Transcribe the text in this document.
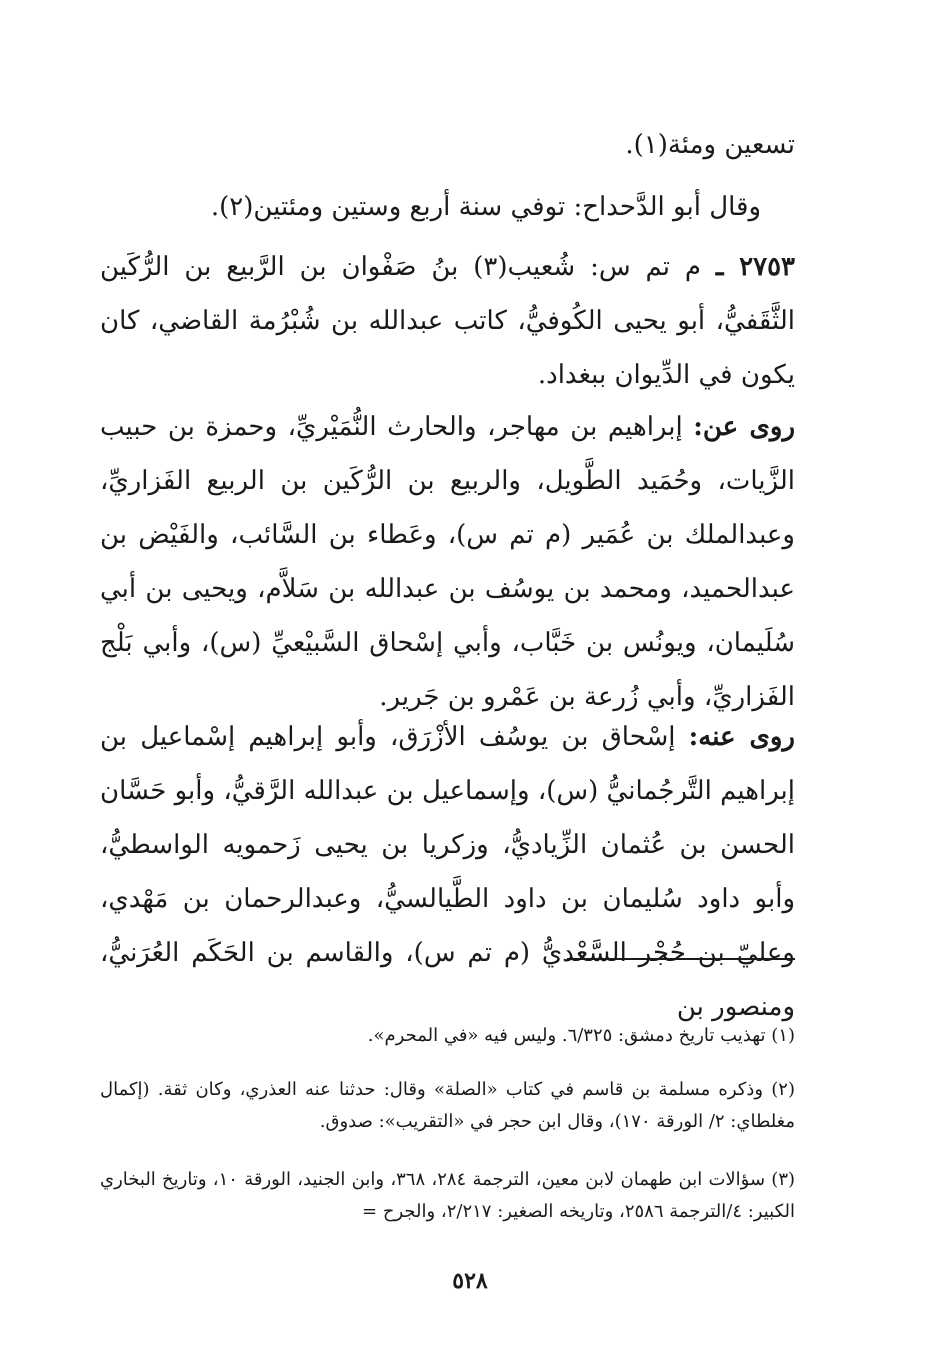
تسعين ومئة(١).
وقال أبو الدَّحداح: توفي سنة أربع وستين ومئتين(٢).
٢٧٥٣ ـ م تم س: شُعيب(٣) بنُ صَفْوان بن الرَّبيع بن الرُّكَين الثَّقَفيُّ، أبو يحيى الكُوفيُّ، كاتب عبدالله بن شُبْرُمة القاضي، كان يكون في الدِّيوان ببغداد.
روى عن: إبراهيم بن مهاجر، والحارث النُّمَيْريِّ، وحمزة بن حبيب الزَّيات، وحُمَيد الطَّويل، والربيع بن الرُّكَين بن الربيع الفَزاريِّ، وعبدالملك بن عُمَير (م تم س)، وعَطاء بن السَّائب، والفَيْض بن عبدالحميد، ومحمد بن يوسُف بن عبدالله بن سَلاَّم، ويحيى بن أبي سُلَيمان، ويونُس بن خَبَّاب، وأبي إسْحاق السَّبيْعيِّ (س)، وأبي بَلْج الفَزاريِّ، وأبي زُرعة بن عَمْرو بن جَرير.
روى عنه: إسْحاق بن يوسُف الأزْرَق، وأبو إبراهيم إسْماعيل بن إبراهيم التَّرجُمانيُّ (س)، وإسماعيل بن عبدالله الرَّقيُّ، وأبو حَسَّان الحسن بن عُثمان الزِّياديُّ، وزكريا بن يحيى زَحمويه الواسطيُّ، وأبو داود سُليمان بن داود الطَّيالسيُّ، وعبدالرحمان بن مَهْدي، وعليّ بن حُجْر السَّعْديُّ (م تم س)، والقاسم بن الحَكَم العُرَنيُّ، ومنصور بن
(١) تهذيب تاريخ دمشق: ٦/٣٢٥. وليس فيه «في المحرم».
(٢) وذكره مسلمة بن قاسم في كتاب «الصلة» وقال: حدثنا عنه العذري، وكان ثقة. (إكمال مغلطاي: ٢/ الورقة ١٧٠)، وقال ابن حجر في «التقريب»: صدوق.
(٣) سؤالات ابن طهمان لابن معين، الترجمة ٢٨٤، ٣٦٨، وابن الجنيد، الورقة ١٠، وتاريخ البخاري الكبير: ٤/الترجمة ٢٥٨٦، وتاريخه الصغير: ٢/٢١٧، والجرح =
٥٢٨
